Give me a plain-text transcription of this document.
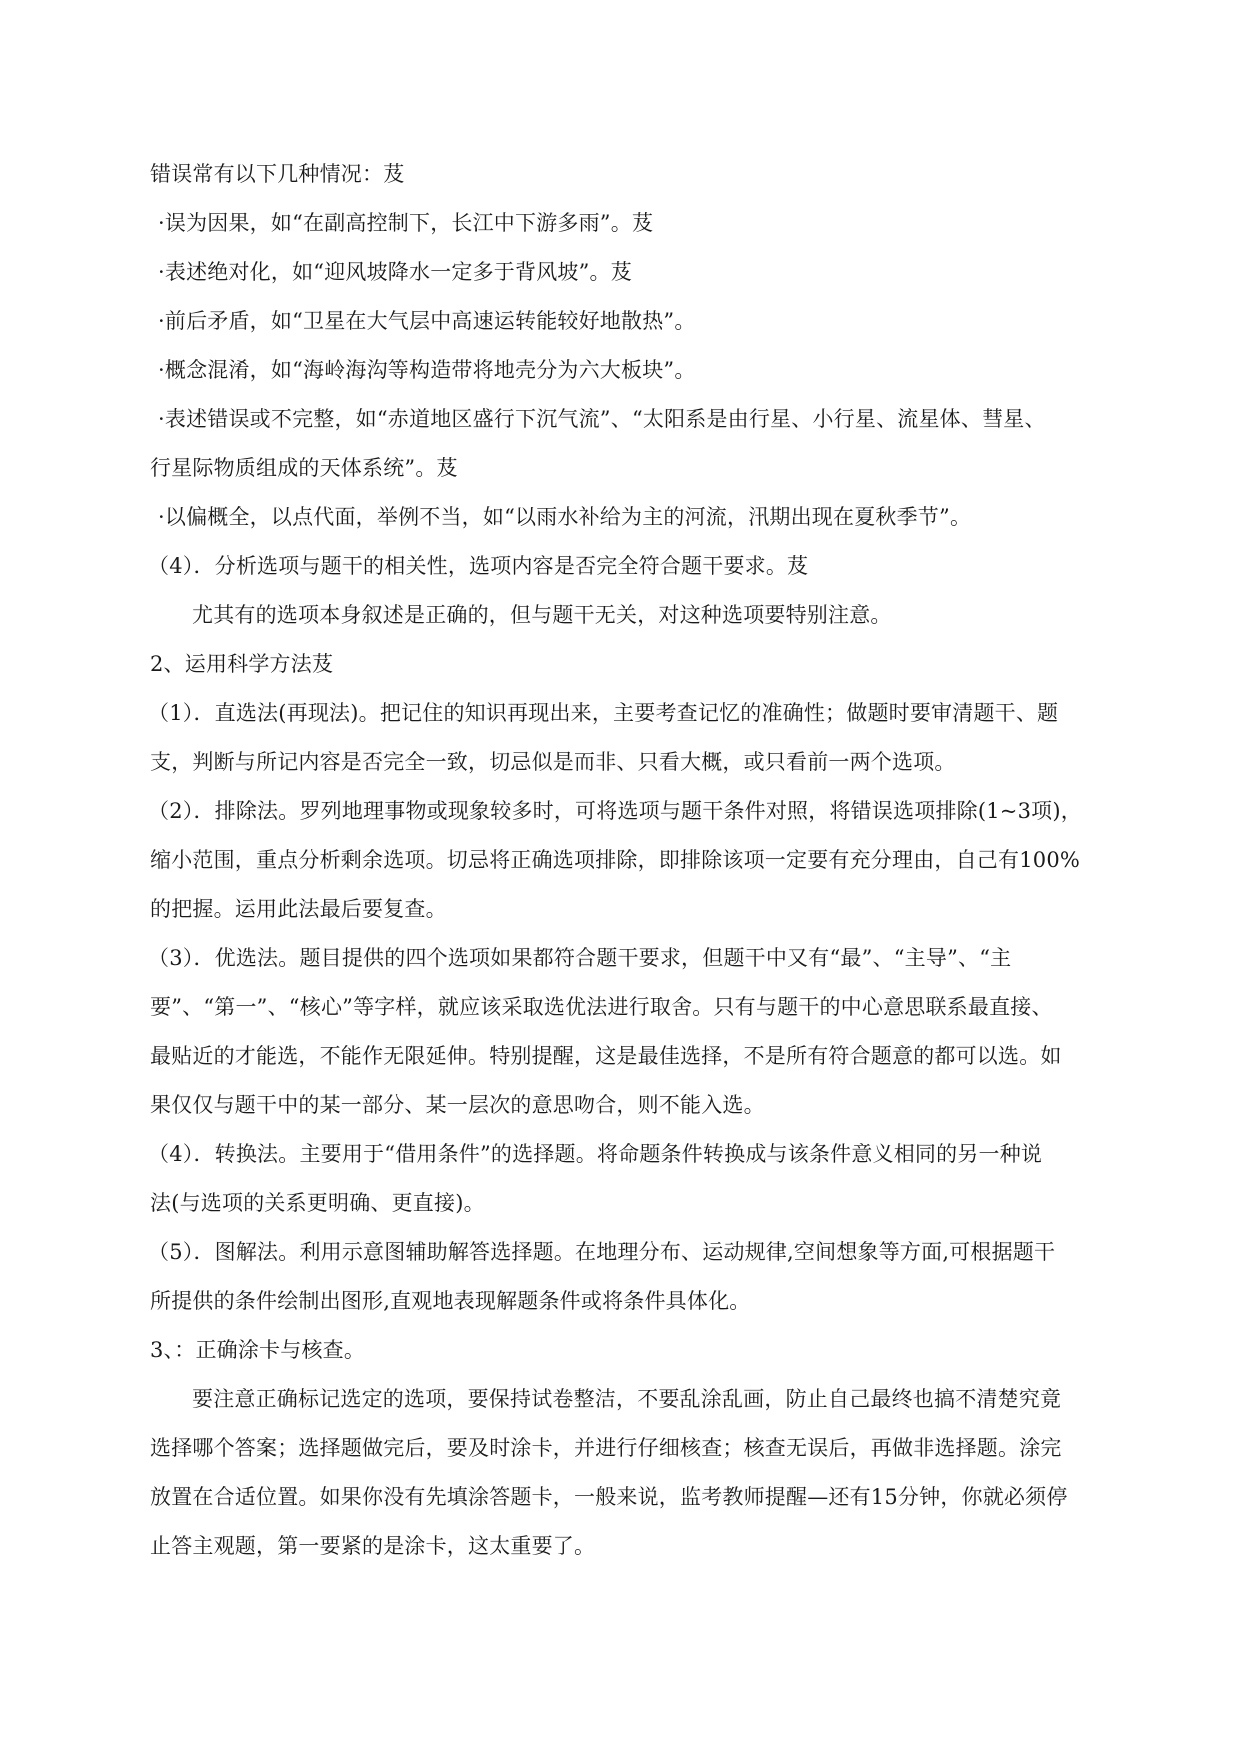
错误常有以下几种情况：芨
·误为因果，如“在副高控制下，长江中下游多雨”。芨
·表述绝对化，如“迎风坡降水一定多于背风坡”。芨
·前后矛盾，如“卫星在大气层中高速运转能较好地散热”。
·概念混淆，如“海岭海沟等构造带将地壳分为六大板块”。
·表述错误或不完整，如“赤道地区盛行下沉气流”、“太阳系是由行星、小行星、流星体、彗星、
行星际物质组成的天体系统”。芨
·以偏概全，以点代面，举例不当，如“以雨水补给为主的河流，汛期出现在夏秋季节”。
（4）．分析选项与题干的相关性，选项内容是否完全符合题干要求。芨
尤其有的选项本身叙述是正确的，但与题干无关，对这种选项要特别注意。
2、运用科学方法芨
（1）．直选法(再现法)。把记住的知识再现出来，主要考查记忆的准确性；做题时要审清题干、题
支，判断与所记内容是否完全一致，切忌似是而非、只看大概，或只看前一两个选项。
（2）．排除法。罗列地理事物或现象较多时，可将选项与题干条件对照，将错误选项排除(1~3项)，
缩小范围，重点分析剩余选项。切忌将正确选项排除，即排除该项一定要有充分理由，自己有100%
的把握。运用此法最后要复查。
（3）．优选法。题目提供的四个选项如果都符合题干要求，但题干中又有“最”、“主导”、“主
要”、“第一”、“核心”等字样，就应该采取选优法进行取舍。只有与题干的中心意思联系最直接、
最贴近的才能选，不能作无限延伸。特别提醒，这是最佳选择，不是所有符合题意的都可以选。如
果仅仅与题干中的某一部分、某一层次的意思吻合，则不能入选。
（4）．转换法。主要用于“借用条件”的选择题。将命题条件转换成与该条件意义相同的另一种说
法(与选项的关系更明确、更直接)。
（5）．图解法。利用示意图辅助解答选择题。在地理分布、运动规律,空间想象等方面,可根据题干
所提供的条件绘制出图形,直观地表现解题条件或将条件具体化。
3、：正确涂卡与核查。
要注意正确标记选定的选项，要保持试卷整洁，不要乱涂乱画，防止自己最终也搞不清楚究竟
选择哪个答案；选择题做完后，要及时涂卡，并进行仔细核查；核查无误后，再做非选择题。涂完
放置在合适位置。如果你没有先填涂答题卡，一般来说，监考教师提醒—还有15分钟，你就必须停
止答主观题，第一要紧的是涂卡，这太重要了。
